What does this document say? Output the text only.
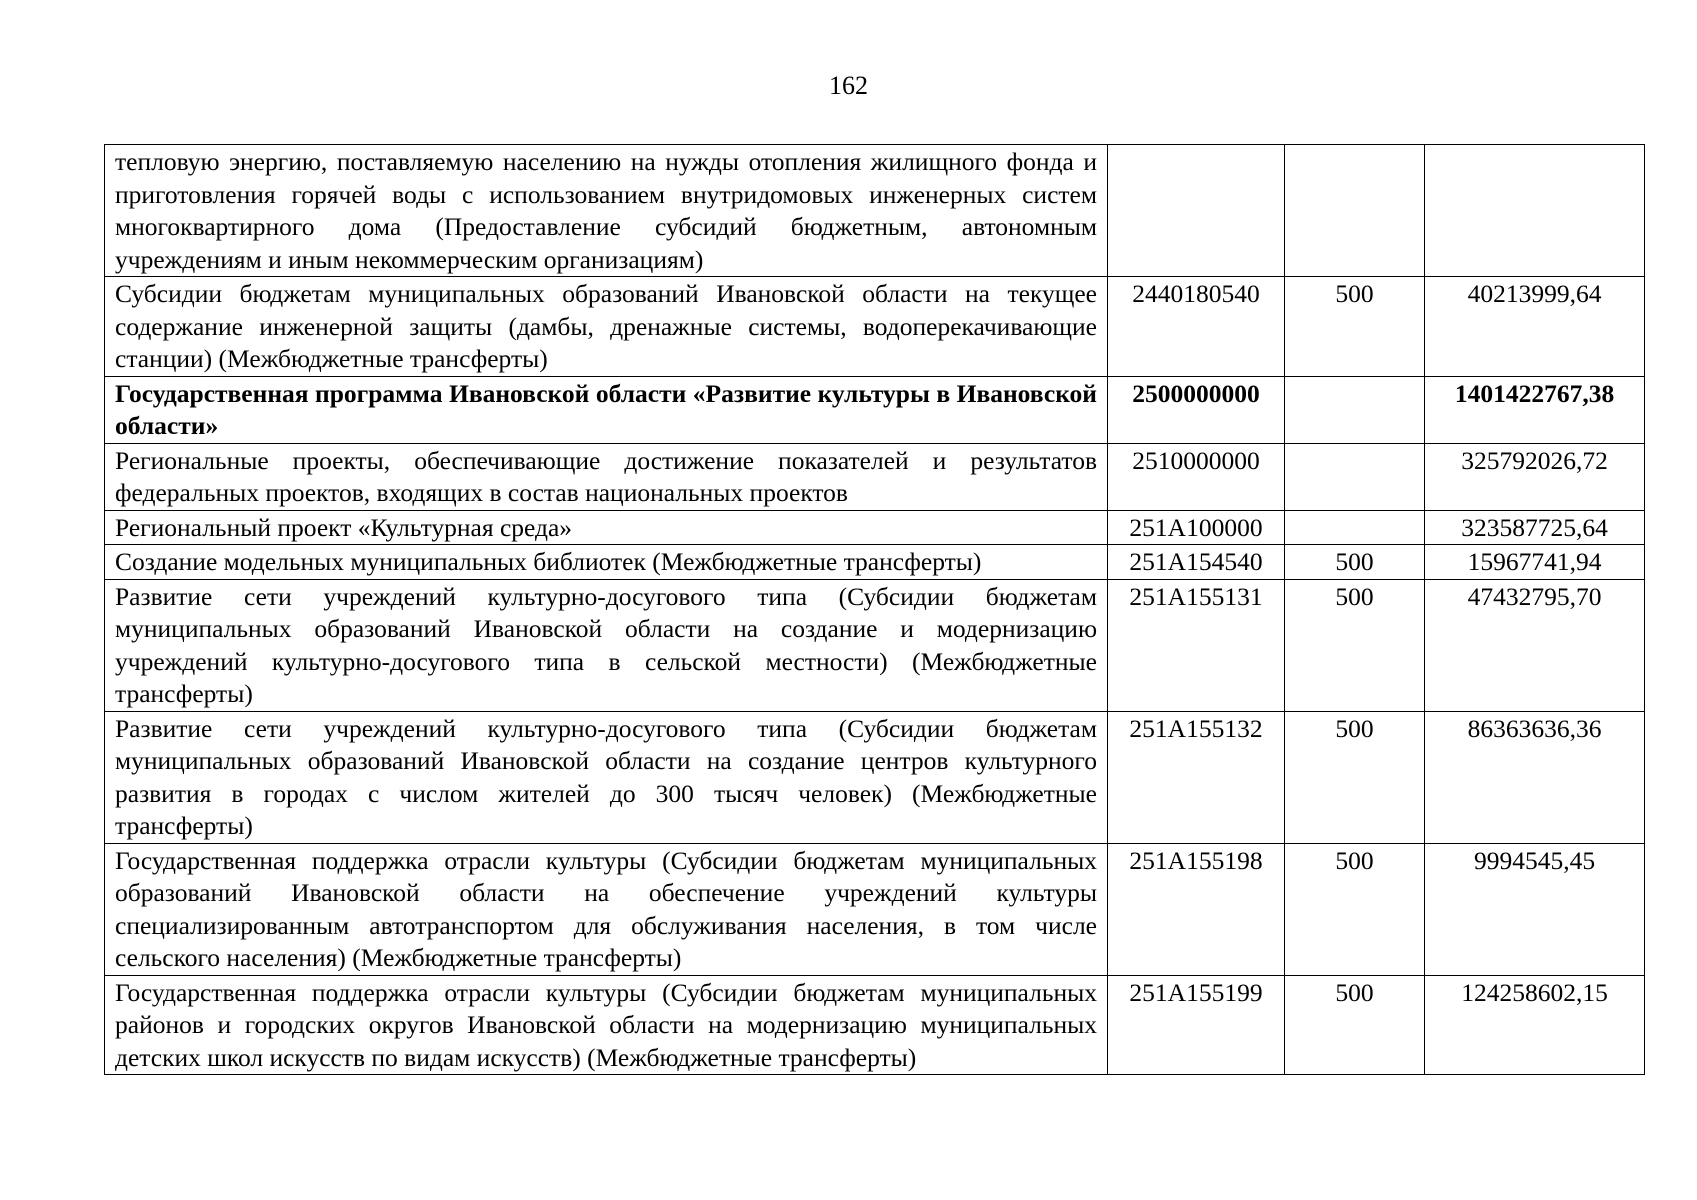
162
тепловую энергию, поставляемую населению на нужды отопления жилищного фонда и приготовления горячей воды с использованием внутридомовых инженерных систем многоквартирного дома (Предоставление субсидий бюджетным, автономным учреждениям и иным некоммерческим организациям)			
Субсидии бюджетам муниципальных образований Ивановской области на текущее содержание инженерной защиты (дамбы, дренажные системы, водоперекачивающие станции) (Межбюджетные трансферты)	2440180540	500	40213999,64
Государственная программа Ивановской области «Развитие культуры в Ивановской области»	2500000000		1401422767,38
Региональные проекты, обеспечивающие достижение показателей и результатов федеральных проектов, входящих в состав национальных проектов	2510000000		325792026,72
Региональный проект «Культурная среда»	251A100000		323587725,64
Создание модельных муниципальных библиотек (Межбюджетные трансферты)	251A154540	500	15967741,94
Развитие сети учреждений культурно-досугового типа (Субсидии бюджетам муниципальных образований Ивановской области на создание и модернизацию учреждений культурно-досугового типа в сельской местности) (Межбюджетные трансферты)	251A155131	500	47432795,70
Развитие сети учреждений культурно-досугового типа (Субсидии бюджетам муниципальных образований Ивановской области на создание центров культурного развития в городах с числом жителей до 300 тысяч человек) (Межбюджетные трансферты)	251A155132	500	86363636,36
Государственная поддержка отрасли культуры (Субсидии бюджетам муниципальных образований Ивановской области на обеспечение учреждений культуры специализированным автотранспортом для обслуживания населения, в том числе сельского населения) (Межбюджетные трансферты)	251A155198	500	9994545,45
Государственная поддержка отрасли культуры (Субсидии бюджетам муниципальных районов и городских округов Ивановской области на модернизацию муниципальных детских школ искусств по видам искусств) (Межбюджетные трансферты)	251A155199	500	124258602,15
